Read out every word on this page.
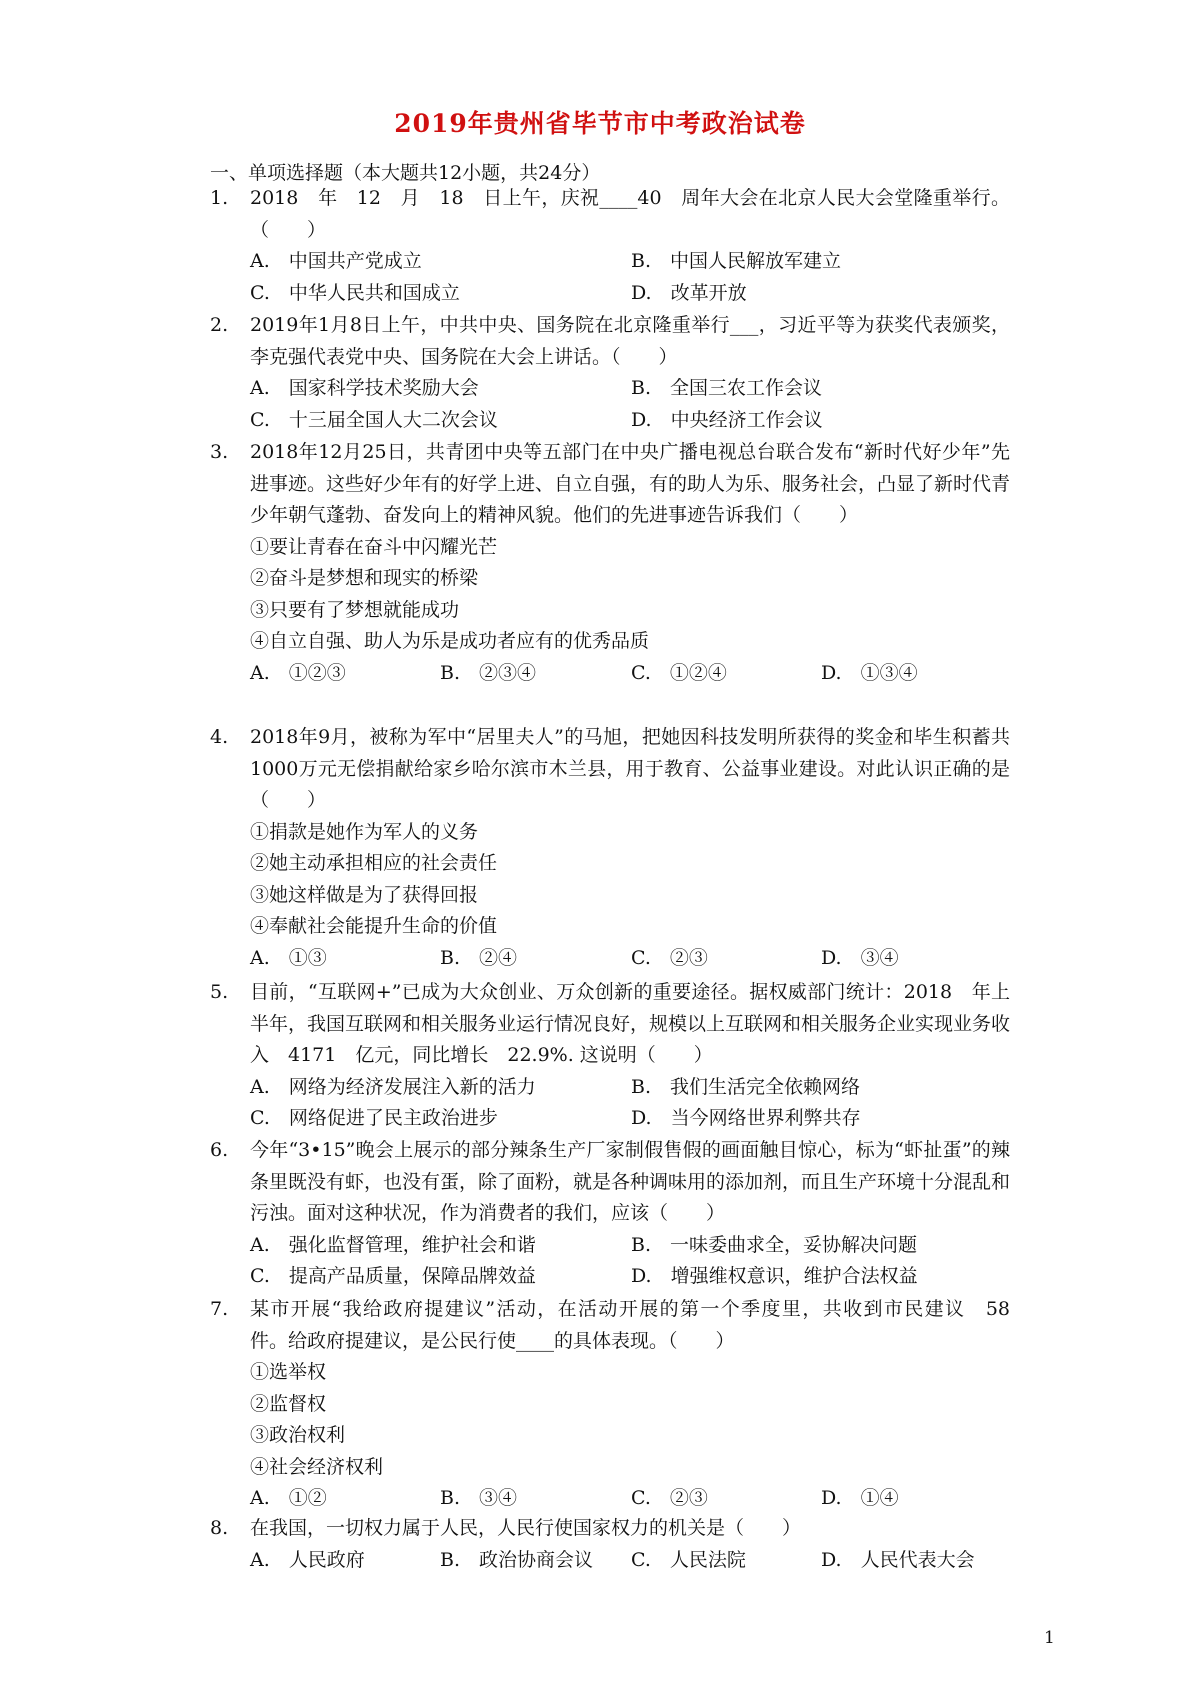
2019年贵州省毕节市中考政治试卷
一、单项选择题（本大题共12小题，共24分）
1.	2018　年　12　月　18　日上午，庆祝____40　周年大会在北京人民大会堂隆重举行。（　　）
A.　中国共产党成立	B.　中国人民解放军建立
C.　中华人民共和国成立	D.　改革开放
2.	2019年1月8日上午，中共中央、国务院在北京隆重举行___，习近平等为获奖代表颁奖，李克强代表党中央、国务院在大会上讲话。（　　）
A.　国家科学技术奖励大会	B.　全国三农工作会议
C.　十三届全国人大二次会议	D.　中央经济工作会议
3.	2018年12月25日，共青团中央等五部门在中央广播电视总台联合发布“新时代好少年”先进事迹。这些好少年有的好学上进、自立自强，有的助人为乐、服务社会，凸显了新时代青少年朝气蓬勃、奋发向上的精神风貌。他们的先进事迹告诉我们（　　）
①要让青春在奋斗中闪耀光芒
②奋斗是梦想和现实的桥梁
③只要有了梦想就能成功
④自立自强、助人为乐是成功者应有的优秀品质
A.　①②③	B.　②③④	C.　①②④	D.　①③④
4.	2018年9月，被称为军中“居里夫人”的马旭，把她因科技发明所获得的奖金和毕生积蓄共　1000万元无偿捐献给家乡哈尔滨市木兰县，用于教育、公益事业建设。对此认识正确的是（　　）
①捐款是她作为军人的义务
②她主动承担相应的社会责任
③她这样做是为了获得回报
④奉献社会能提升生命的价值
A.　①③	B.　②④	C.　②③	D.　③④
5.	目前，“互联网+”已成为大众创业、万众创新的重要途径。据权威部门统计：2018　年上半年，我国互联网和相关服务业运行情况良好，规模以上互联网和相关服务企业实现业务收入　4171　亿元，同比增长　22.9%. 这说明（　　）
A.　网络为经济发展注入新的活力	B.　我们生活完全依赖网络
C.　网络促进了民主政治进步	D.　当今网络世界利弊共存
6.	今年“3•15”晚会上展示的部分辣条生产厂家制假售假的画面触目惊心，标为“虾扯蛋”的辣条里既没有虾，也没有蛋，除了面粉，就是各种调味用的添加剂，而且生产环境十分混乱和污浊。面对这种状况，作为消费者的我们，应该（　　）
A.　强化监督管理，维护社会和谐	B.　一味委曲求全，妥协解决问题
C.　提高产品质量，保障品牌效益	D.　增强维权意识，维护合法权益
7.	某市开展“我给政府提建议”活动，在活动开展的第一个季度里，共收到市民建议　58　件。给政府提建议，是公民行使____的具体表现。（　　）
①选举权
②监督权
③政治权利
④社会经济权利
A.　①②	B.　③④	C.　②③	D.　①④
8.	在我国，一切权力属于人民，人民行使国家权力的机关是（　　）
A.　人民政府	B.　政治协商会议 C.　人民法院	D.　人民代表大会
1
